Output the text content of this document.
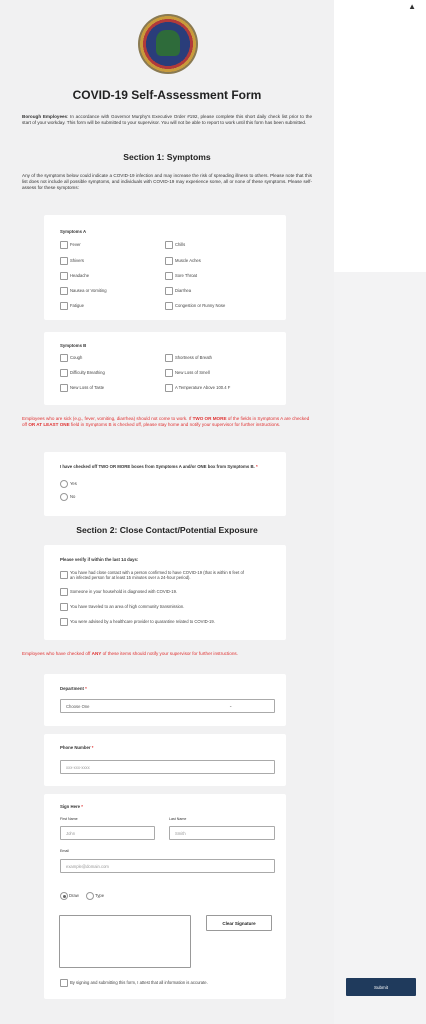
COVID-19 Self-Assessment Form
Borough Employees: In accordance with Governor Murphy's Executive Order #192, please complete this short daily check list prior to the start of your workday. This form will be submitted to your supervisor. You will not be able to report to work until this form has been submitted.
Section 1: Symptoms
Any of the symptoms below could indicate a COVID-19 infection and may increase the risk of spreading illness to others. Please note that this list does not include all possible symptoms, and individuals with COVID-19 may experience some, all or none of these symptoms. Please self-assess for these symptoms:
Symptoms A
Fever	Chills
Shivers	Muscle Aches
Headache	Sore Throat
Nausea or Vomiting	Diarrhea
Fatigue	Congestion or Runny Nose
Symptoms B
Cough	Shortness of Breath
Difficulty Breathing	New Loss of Smell
New Loss of Taste	A Temperature Above 100.4 F
Employees who are sick (e.g., fever, vomiting, diarrhea) should not come to work. If TWO OR MORE of the fields in Symptoms A are checked off OR AT LEAST ONE field in Symptoms B is checked off, please stay home and notify your supervisor for further instructions.
I have checked off TWO OR MORE boxes from Symptoms A and/or ONE box from Symptoms B. *
Yes
No
Section 2: Close Contact/Potential Exposure
Please verify if within the last 14 days:
You have had close contact with a person confirmed to have COVID-19 (that is within 6 feet of an infected person for at least 15 minutes over a 24-hour period).
Someone in your household is diagnosed with COVID-19.
You have traveled to an area of high community transmission.
You were advised by a healthcare provider to quarantine related to COVID-19.
Employees who have checked off ANY of these items should notify your supervisor for further instructions.
Department *
Choose One	⌄
Phone Number *
xxx-xxx-xxxx
Sign Here *
First Name
John
Last Name
Smith
Email
example@domain.com
Draw	Type
Clear Signature
By signing and submitting this form, I attest that all information is accurate.
▲
Submit
